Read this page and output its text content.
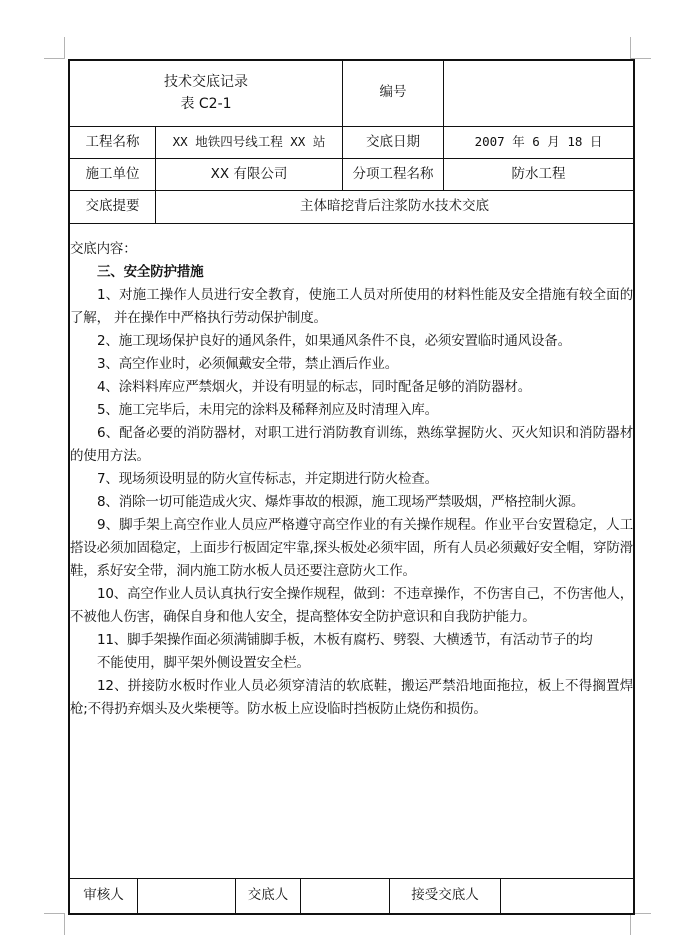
技术交底记录
表 C2-1
编号
工程名称	XX 地铁四号线工程 XX 站	交底日期	2007 年 6 月 18 日
施工单位	XX 有限公司	分项工程名称	防水工程
交底提要	主体暗挖背后注浆防水技术交底

交底内容：

三、安全防护措施

1、对施工操作人员进行安全教育，使施工人员对所使用的材料性能及安全措施有较全面的了解， 并在操作中严格执行劳动保护制度。

2、施工现场保护良好的通风条件，如果通风条件不良，必须安置临时通风设备。

3、高空作业时，必须佩戴安全带，禁止酒后作业。

4、涂料料库应严禁烟火，并设有明显的标志，同时配备足够的消防器材。

5、施工完毕后，未用完的涂料及稀释剂应及时清理入库。

6、配备必要的消防器材，对职工进行消防教育训练，熟练掌握防火、灭火知识和消防器材的使用方法。

7、现场须设明显的防火宣传标志，并定期进行防火检查。

8、消除一切可能造成火灾、爆炸事故的根源，施工现场严禁吸烟，严格控制火源。

9、脚手架上高空作业人员应严格遵守高空作业的有关操作规程。作业平台安置稳定，人工搭设必须加固稳定，上面步行板固定牢靠,探头板处必须牢固，所有人员必须戴好安全帽，穿防滑鞋，系好安全带，洞内施工防水板人员还要注意防火工作。

10、高空作业人员认真执行安全操作规程，做到：不违章操作，不伤害自己，不伤害他人，不被他人伤害，确保自身和他人安全，提高整体安全防护意识和自我防护能力。

11、脚手架操作面必须满铺脚手板，木板有腐朽、劈裂、大横透节，有活动节子的均

不能使用，脚平架外侧设置安全栏。

12、拼接防水板时作业人员必须穿清洁的软底鞋，搬运严禁沿地面拖拉，板上不得搁置焊枪;不得扔弃烟头及火柴梗等。防水板上应设临时挡板防止烧伤和损伤。

审核人	交底人	接受交底人
